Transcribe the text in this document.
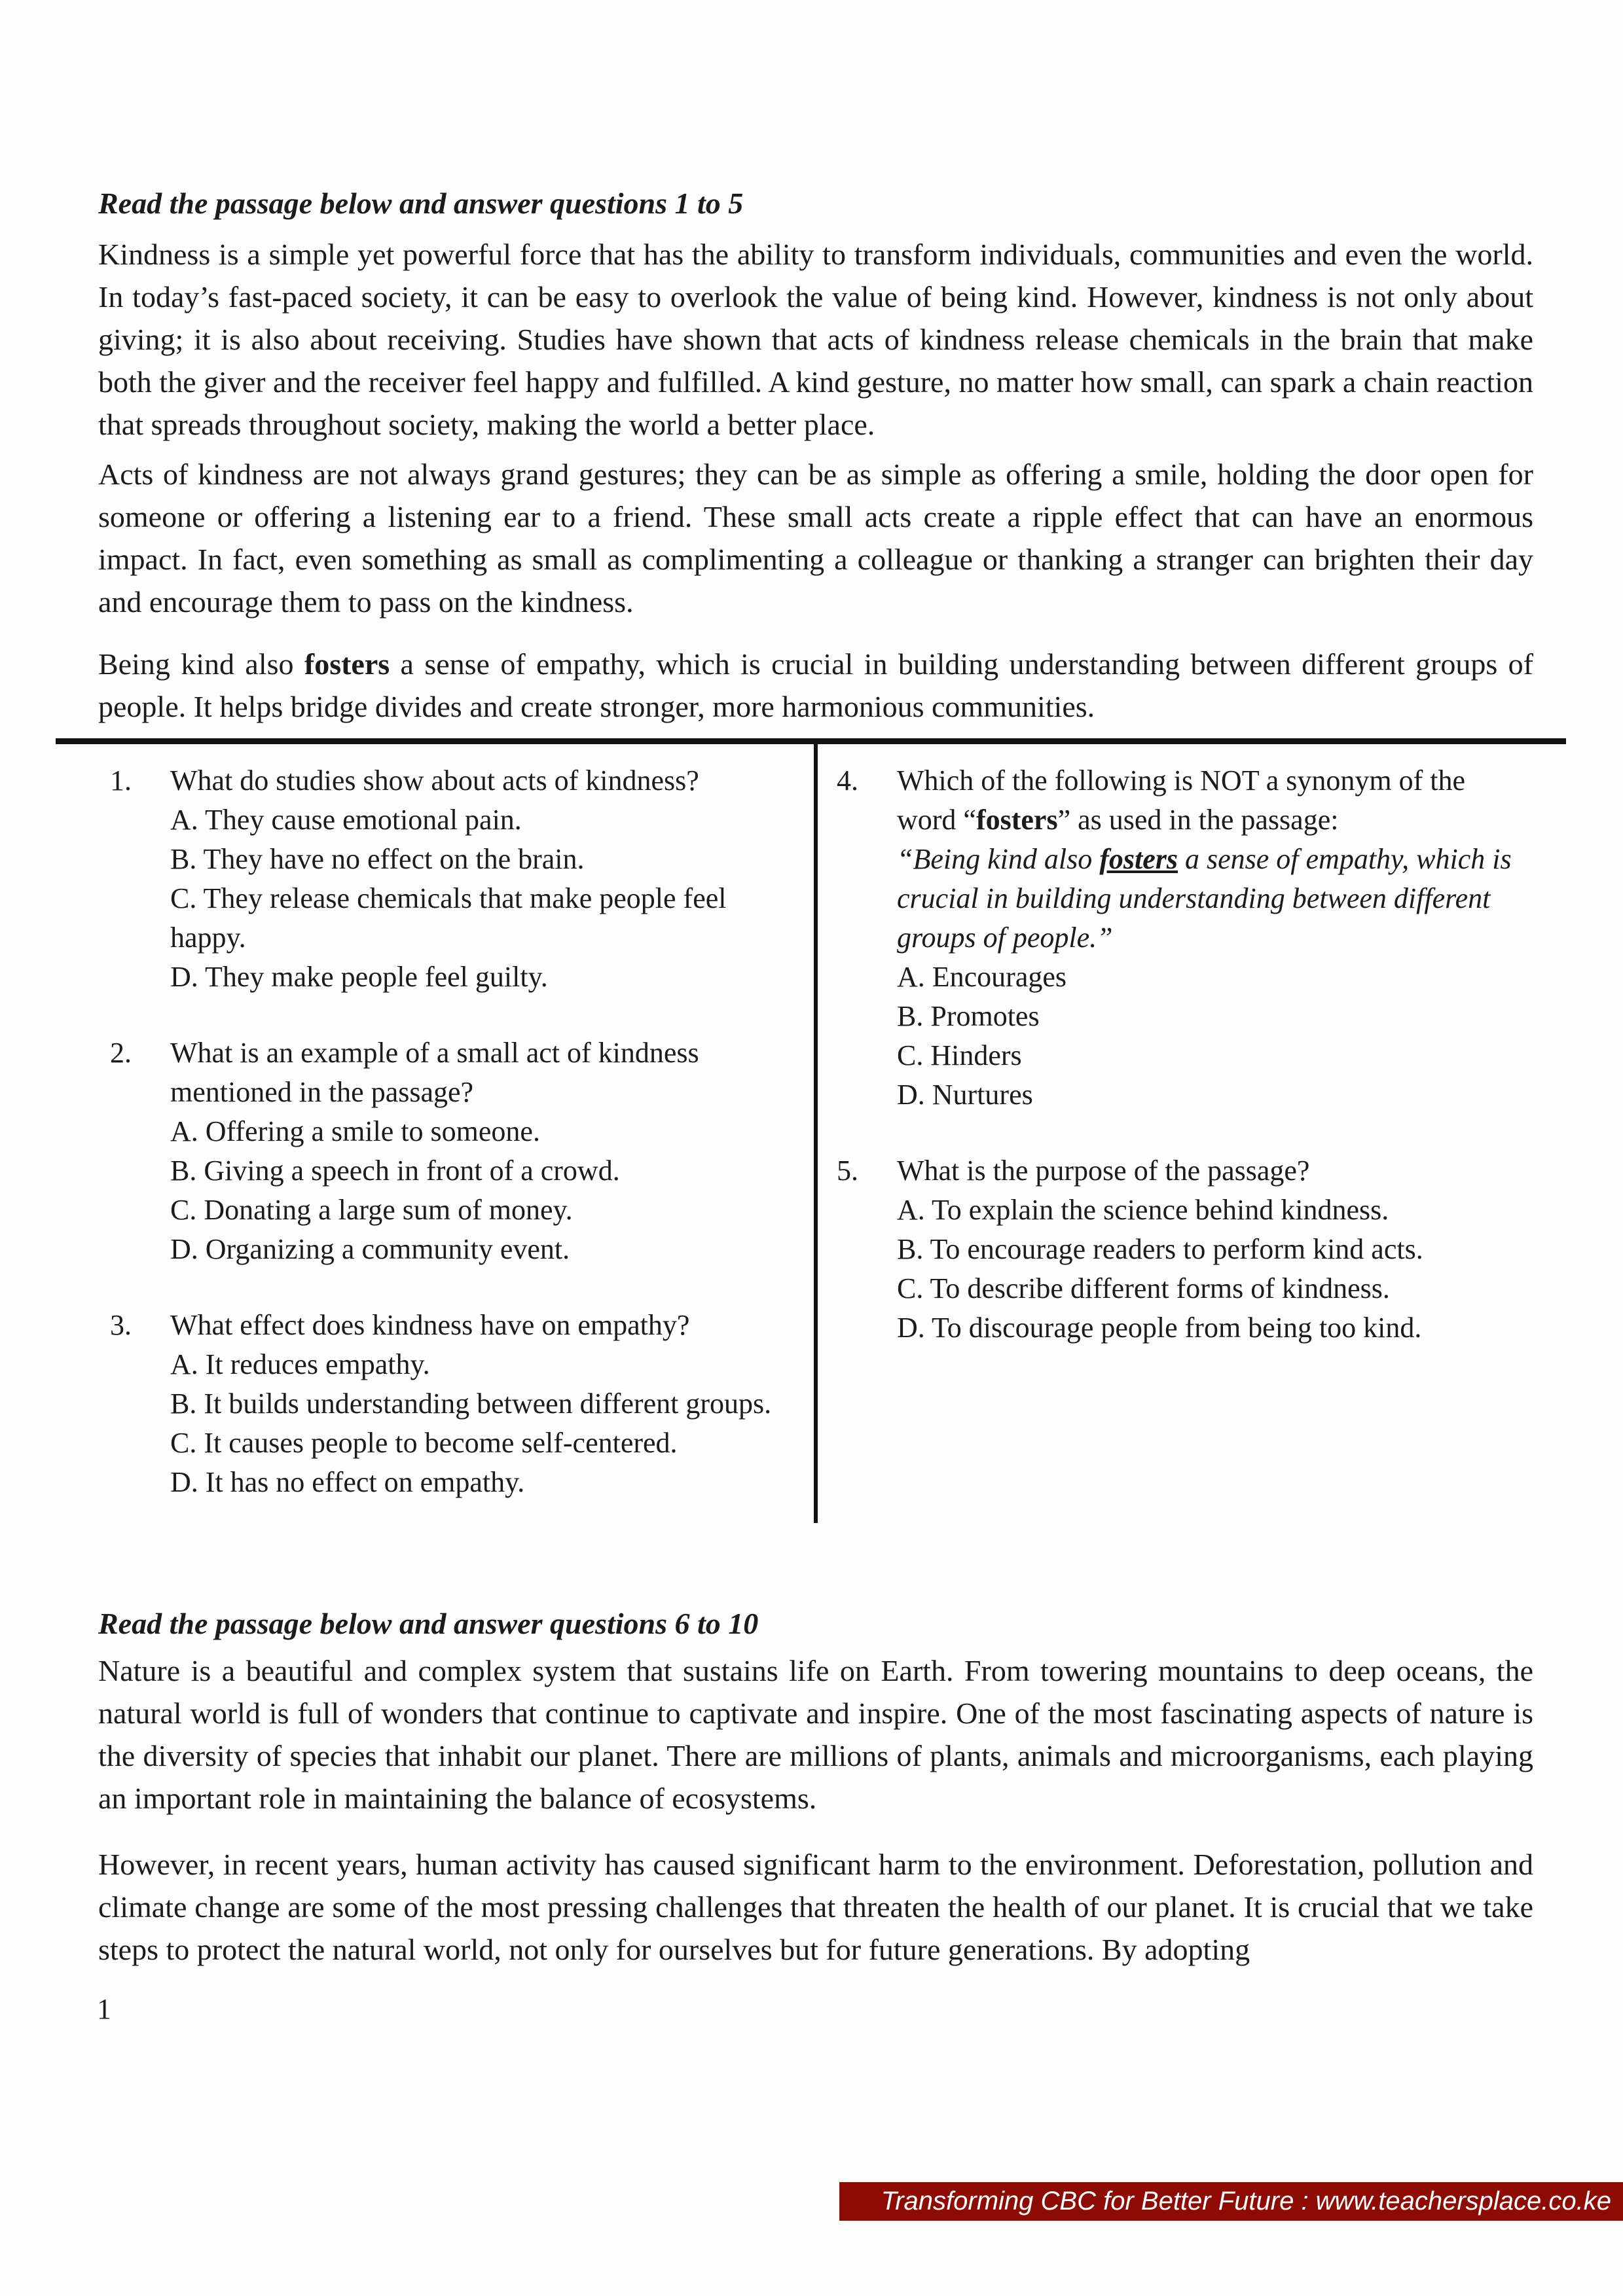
Read the passage below and answer questions 1 to 5

Kindness is a simple yet powerful force that has the ability to transform individuals, communities and even the world. In today’s fast-paced society, it can be easy to overlook the value of being kind. However, kindness is not only about giving; it is also about receiving. Studies have shown that acts of kindness release chemicals in the brain that make both the giver and the receiver feel happy and fulfilled. A kind gesture, no matter how small, can spark a chain reaction that spreads throughout society, making the world a better place.

Acts of kindness are not always grand gestures; they can be as simple as offering a smile, holding the door open for someone or offering a listening ear to a friend. These small acts create a ripple effect that can have an enormous impact. In fact, even something as small as complimenting a colleague or thanking a stranger can brighten their day and encourage them to pass on the kindness.

Being kind also fosters a sense of empathy, which is crucial in building understanding between different groups of people. It helps bridge divides and create stronger, more harmonious communities.

1.	What do studies show about acts of kindness?
A. They cause emotional pain.
B. They have no effect on the brain.
C. They release chemicals that make people feel happy.
D. They make people feel guilty.
2.	What is an example of a small act of kindness mentioned in the passage?
A. Offering a smile to someone.
B. Giving a speech in front of a crowd.
C. Donating a large sum of money.
D. Organizing a community event.
3.	What effect does kindness have on empathy?
A. It reduces empathy.
B. It builds understanding between different groups.
C. It causes people to become self-centered.
D. It has no effect on empathy.
4.	Which of the following is NOT a synonym of the word “fosters” as used in the passage:
“Being kind also fosters a sense of empathy, which is crucial in building understanding between different groups of people.”
A. Encourages
B. Promotes
C. Hinders
D. Nurtures
5.	What is the purpose of the passage?
A. To explain the science behind kindness.
B. To encourage readers to perform kind acts.
C. To describe different forms of kindness.
D. To discourage people from being too kind.
Read the passage below and answer questions 6 to 10

Nature is a beautiful and complex system that sustains life on Earth. From towering mountains to deep oceans, the natural world is full of wonders that continue to captivate and inspire. One of the most fascinating aspects of nature is the diversity of species that inhabit our planet. There are millions of plants, animals and microorganisms, each playing an important role in maintaining the balance of ecosystems.

However, in recent years, human activity has caused significant harm to the environment. Deforestation, pollution and climate change are some of the most pressing challenges that threaten the health of our planet. It is crucial that we take steps to protect the natural world, not only for ourselves but for future generations. By adopting

1
Transforming CBC for Better Future : www.teachersplace.co.ke
